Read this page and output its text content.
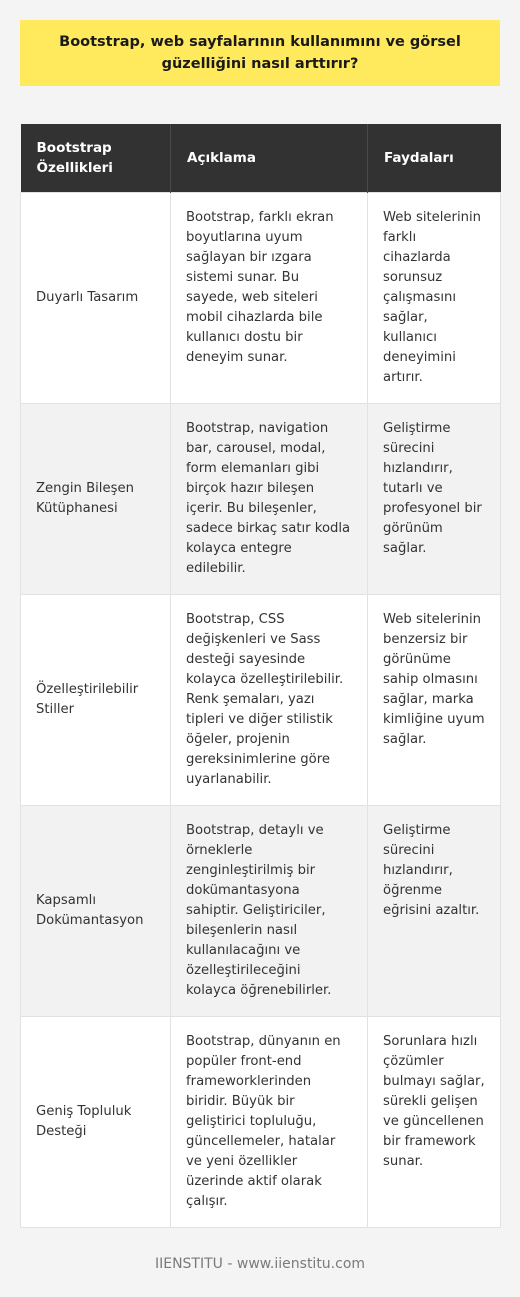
Bootstrap, web sayfalarının kullanımını ve görsel güzelliğini nasıl arttırır?
Bootstrap Özellikleri	Açıklama	Faydaları
Duyarlı Tasarım	Bootstrap, farklı ekran boyutlarına uyum sağlayan bir ızgara sistemi sunar. Bu sayede, web siteleri mobil cihazlarda bile kullanıcı dostu bir deneyim sunar.	Web sitelerinin farklı cihazlarda sorunsuz çalışmasını sağlar, kullanıcı deneyimini artırır.
Zengin Bileşen Kütüphanesi	Bootstrap, navigation bar, carousel, modal, form elemanları gibi birçok hazır bileşen içerir. Bu bileşenler, sadece birkaç satır kodla kolayca entegre edilebilir.	Geliştirme sürecini hızlandırır, tutarlı ve profesyonel bir görünüm sağlar.
Özelleştirilebilir Stiller	Bootstrap, CSS değişkenleri ve Sass desteği sayesinde kolayca özelleştirilebilir. Renk şemaları, yazı tipleri ve diğer stilistik öğeler, projenin gereksinimlerine göre uyarlanabilir.	Web sitelerinin benzersiz bir görünüme sahip olmasını sağlar, marka kimliğine uyum sağlar.
Kapsamlı Dokümantasyon	Bootstrap, detaylı ve örneklerle zenginleştirilmiş bir dokümantasyona sahiptir. Geliştiriciler, bileşenlerin nasıl kullanılacağını ve özelleştirileceğini kolayca öğrenebilirler.	Geliştirme sürecini hızlandırır, öğrenme eğrisini azaltır.
Geniş Topluluk Desteği	Bootstrap, dünyanın en popüler front-end frameworklerinden biridir. Büyük bir geliştirici topluluğu, güncellemeler, hatalar ve yeni özellikler üzerinde aktif olarak çalışır.	Sorunlara hızlı çözümler bulmayı sağlar, sürekli gelişen ve güncellenen bir framework sunar.
IIENSTITU - www.iienstitu.com
